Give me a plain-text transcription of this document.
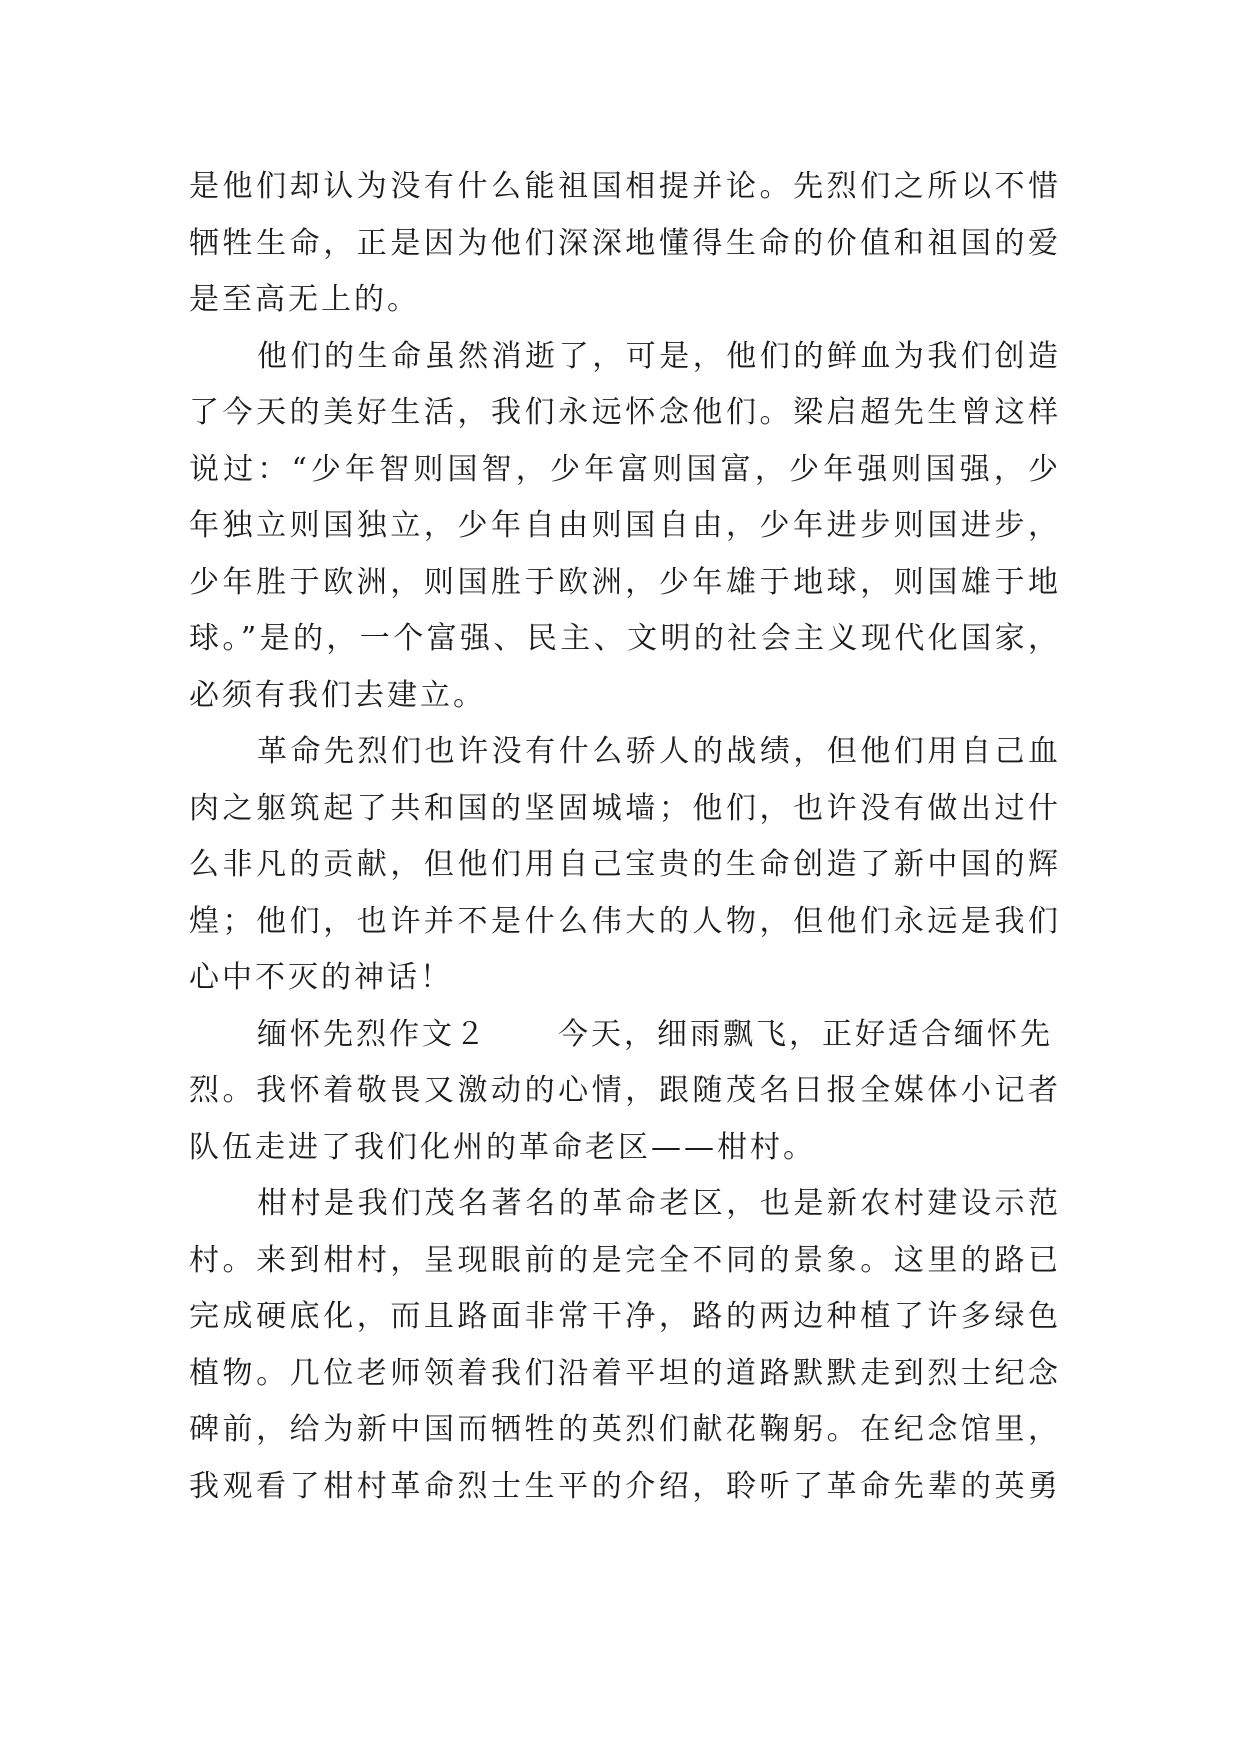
是他们却认为没有什么能祖国相提并论。先烈们之所以不惜
牺牲生命，正是因为他们深深地懂得生命的价值和祖国的爱
是至高无上的。
他们的生命虽然消逝了，可是，他们的鲜血为我们创造
了今天的美好生活，我们永远怀念他们。梁启超先生曾这样
说过：“少年智则国智，少年富则国富，少年强则国强，少
年独立则国独立，少年自由则国自由，少年进步则国进步，
少年胜于欧洲，则国胜于欧洲，少年雄于地球，则国雄于地
球。”是的，一个富强、民主、文明的社会主义现代化国家，
必须有我们去建立。
革命先烈们也许没有什么骄人的战绩，但他们用自己血
肉之躯筑起了共和国的坚固城墙；他们，也许没有做出过什
么非凡的贡献，但他们用自己宝贵的生命创造了新中国的辉
煌；他们，也许并不是什么伟大的人物，但他们永远是我们
心中不灭的神话！
缅怀先烈作文２ 今天，细雨飘飞，正好适合缅怀先
烈。我怀着敬畏又激动的心情，跟随茂名日报全媒体小记者
队伍走进了我们化州的革命老区——柑村。
柑村是我们茂名著名的革命老区，也是新农村建设示范
村。来到柑村，呈现眼前的是完全不同的景象。这里的路已
完成硬底化，而且路面非常干净，路的两边种植了许多绿色
植物。几位老师领着我们沿着平坦的道路默默走到烈士纪念
碑前，给为新中国而牺牲的英烈们献花鞠躬。在纪念馆里，
我观看了柑村革命烈士生平的介绍，聆听了革命先辈的英勇
